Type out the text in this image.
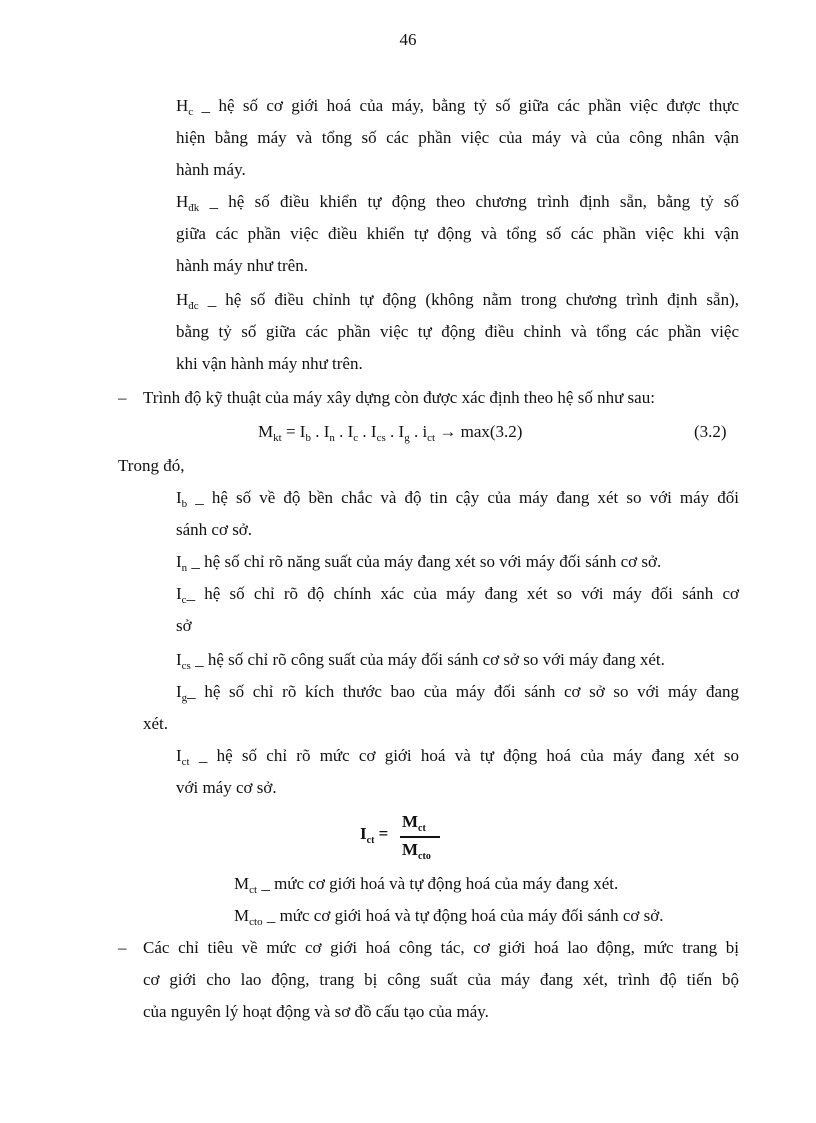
46
$H_c$ _ hệ số cơ giới hoá của máy, bằng tỷ số giữa các phần việc được thực
hiện bằng máy và tổng số các phần việc của máy và của công nhân vận
hành máy.
$H_{đk}$ _ hệ số điều khiển tự động theo chương trình định sẵn, bằng tỷ số
giữa các phần việc điều khiển tự động và tổng số các phần việc khi vận
hành máy như trên.
$H_{đc}$ _ hệ số điều chỉnh tự động (không nằm trong chương trình định sẵn),
bằng tỷ số giữa các phần việc tự động điều chỉnh và tổng các phần việc
khi vận hành máy như trên.
– Trình độ kỹ thuật của máy xây dựng còn được xác định theo hệ số như sau:
$M_{kt} = I_b$ . $I_n$ . $I_c$ . $I_{cs}$ . $I_g$ . $i_{ct} \to \max(3.2)$	(3.2)
Trong đó,
$I_b$ _ hệ số về độ bền chắc và độ tin cậy của máy đang xét so với máy đối
sánh cơ sở.
$I_n$ _ hệ số chỉ rõ năng suất của máy đang xét so với máy đối sánh cơ sở.
$I_c\_$ hệ số chỉ rõ độ chính xác của máy đang xét so với máy đối sánh cơ
sở
$I_{cs}$ _ hệ số chỉ rõ công suất của máy đối sánh cơ sở so với máy đang xét.
$I_g\_$ hệ số chỉ rõ kích thước bao của máy đối sánh cơ sở so với máy đang
xét.
$I_{ct}$ _ hệ số chỉ rõ mức cơ giới hoá và tự động hoá của máy đang xét so
với máy cơ sở.
$I_{ct}$ =
$M_{ct}$
$M_{cto}$
$M_{ct}$ _ mức cơ giới hoá và tự động hoá của máy đang xét.
$M_{cto}$ _ mức cơ giới hoá và tự động hoá của máy đối sánh cơ sở.
– Các chỉ tiêu về mức cơ giới hoá công tác, cơ giới hoá lao động, mức trang bị
cơ giới cho lao động, trang bị công suất của máy đang xét, trình độ tiến bộ
của nguyên lý hoạt động và sơ đồ cấu tạo của máy.
